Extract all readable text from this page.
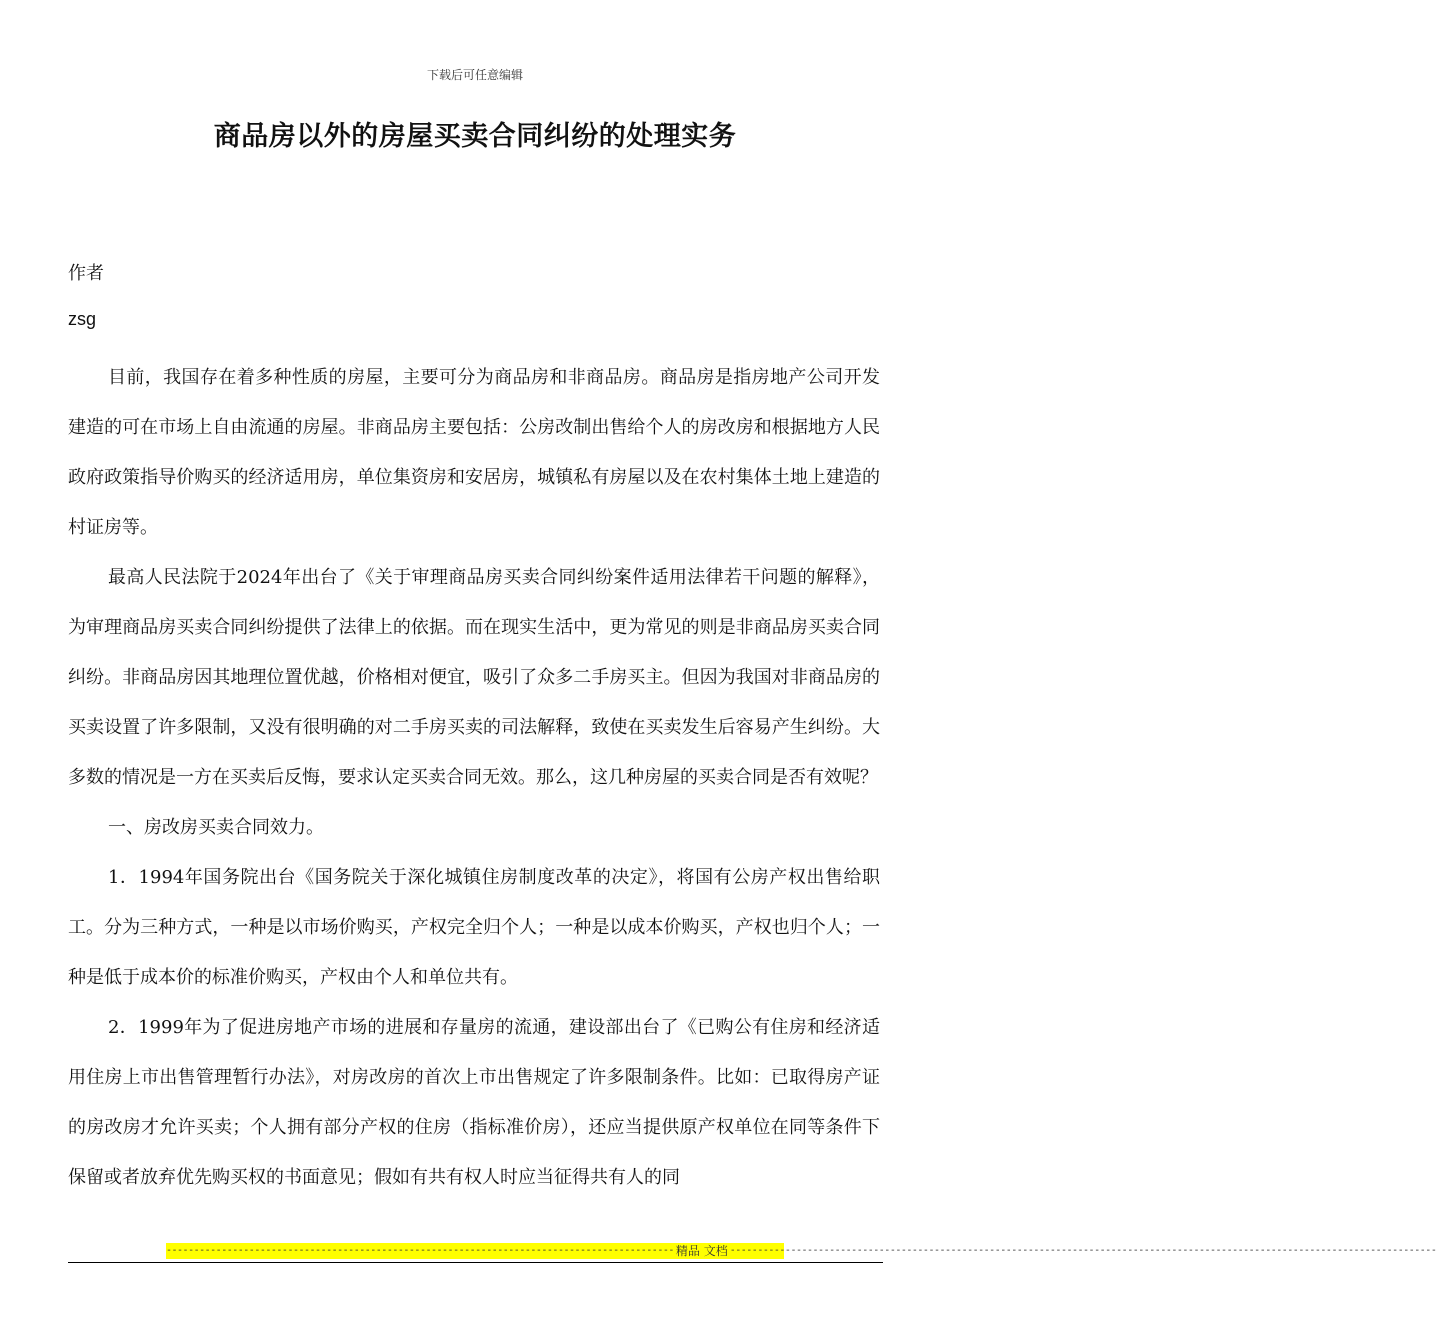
下载后可任意编辑
商品房以外的房屋买卖合同纠纷的处理实务
作者
zsg

目前，我国存在着多种性质的房屋，主要可分为商品房和非商品房。商品房是指房地产公司开发建造的可在市场上自由流通的房屋。非商品房主要包括：公房改制出售给个人的房改房和根据地方人民政府政策指导价购买的经济适用房，单位集资房和安居房，城镇私有房屋以及在农村集体土地上建造的村证房等。

最高人民法院于2024年出台了《关于审理商品房买卖合同纠纷案件适用法律若干问题的解释》，为审理商品房买卖合同纠纷提供了法律上的依据。而在现实生活中，更为常见的则是非商品房买卖合同纠纷。非商品房因其地理位置优越，价格相对便宜，吸引了众多二手房买主。但因为我国对非商品房的买卖设置了许多限制，又没有很明确的对二手房买卖的司法解释，致使在买卖发生后容易产生纠纷。大多数的情况是一方在买卖后反悔，要求认定买卖合同无效。那么，这几种房屋的买卖合同是否有效呢？

一、房改房买卖合同效力。

1．1994年国务院出台《国务院关于深化城镇住房制度改革的决定》，将国有公房产权出售给职工。分为三种方式，一种是以市场价购买，产权完全归个人；一种是以成本价购买，产权也归个人；一种是低于成本价的标准价购买，产权由个人和单位共有。

2．1999年为了促进房地产市场的进展和存量房的流通，建设部出台了《已购公有住房和经济适用住房上市出售管理暂行办法》，对房改房的首次上市出售规定了许多限制条件。比如：已取得房产证的房改房才允许买卖；个人拥有部分产权的住房（指标准价房），还应当提供原产权单位在同等条件下保留或者放弃优先购买权的书面意见；假如有共有权人时应当征得共有人的同

-------------------------------------------------------------------------------------------- 精品 文档 --------------------------------------------------------------------------------------------------------------------------------
